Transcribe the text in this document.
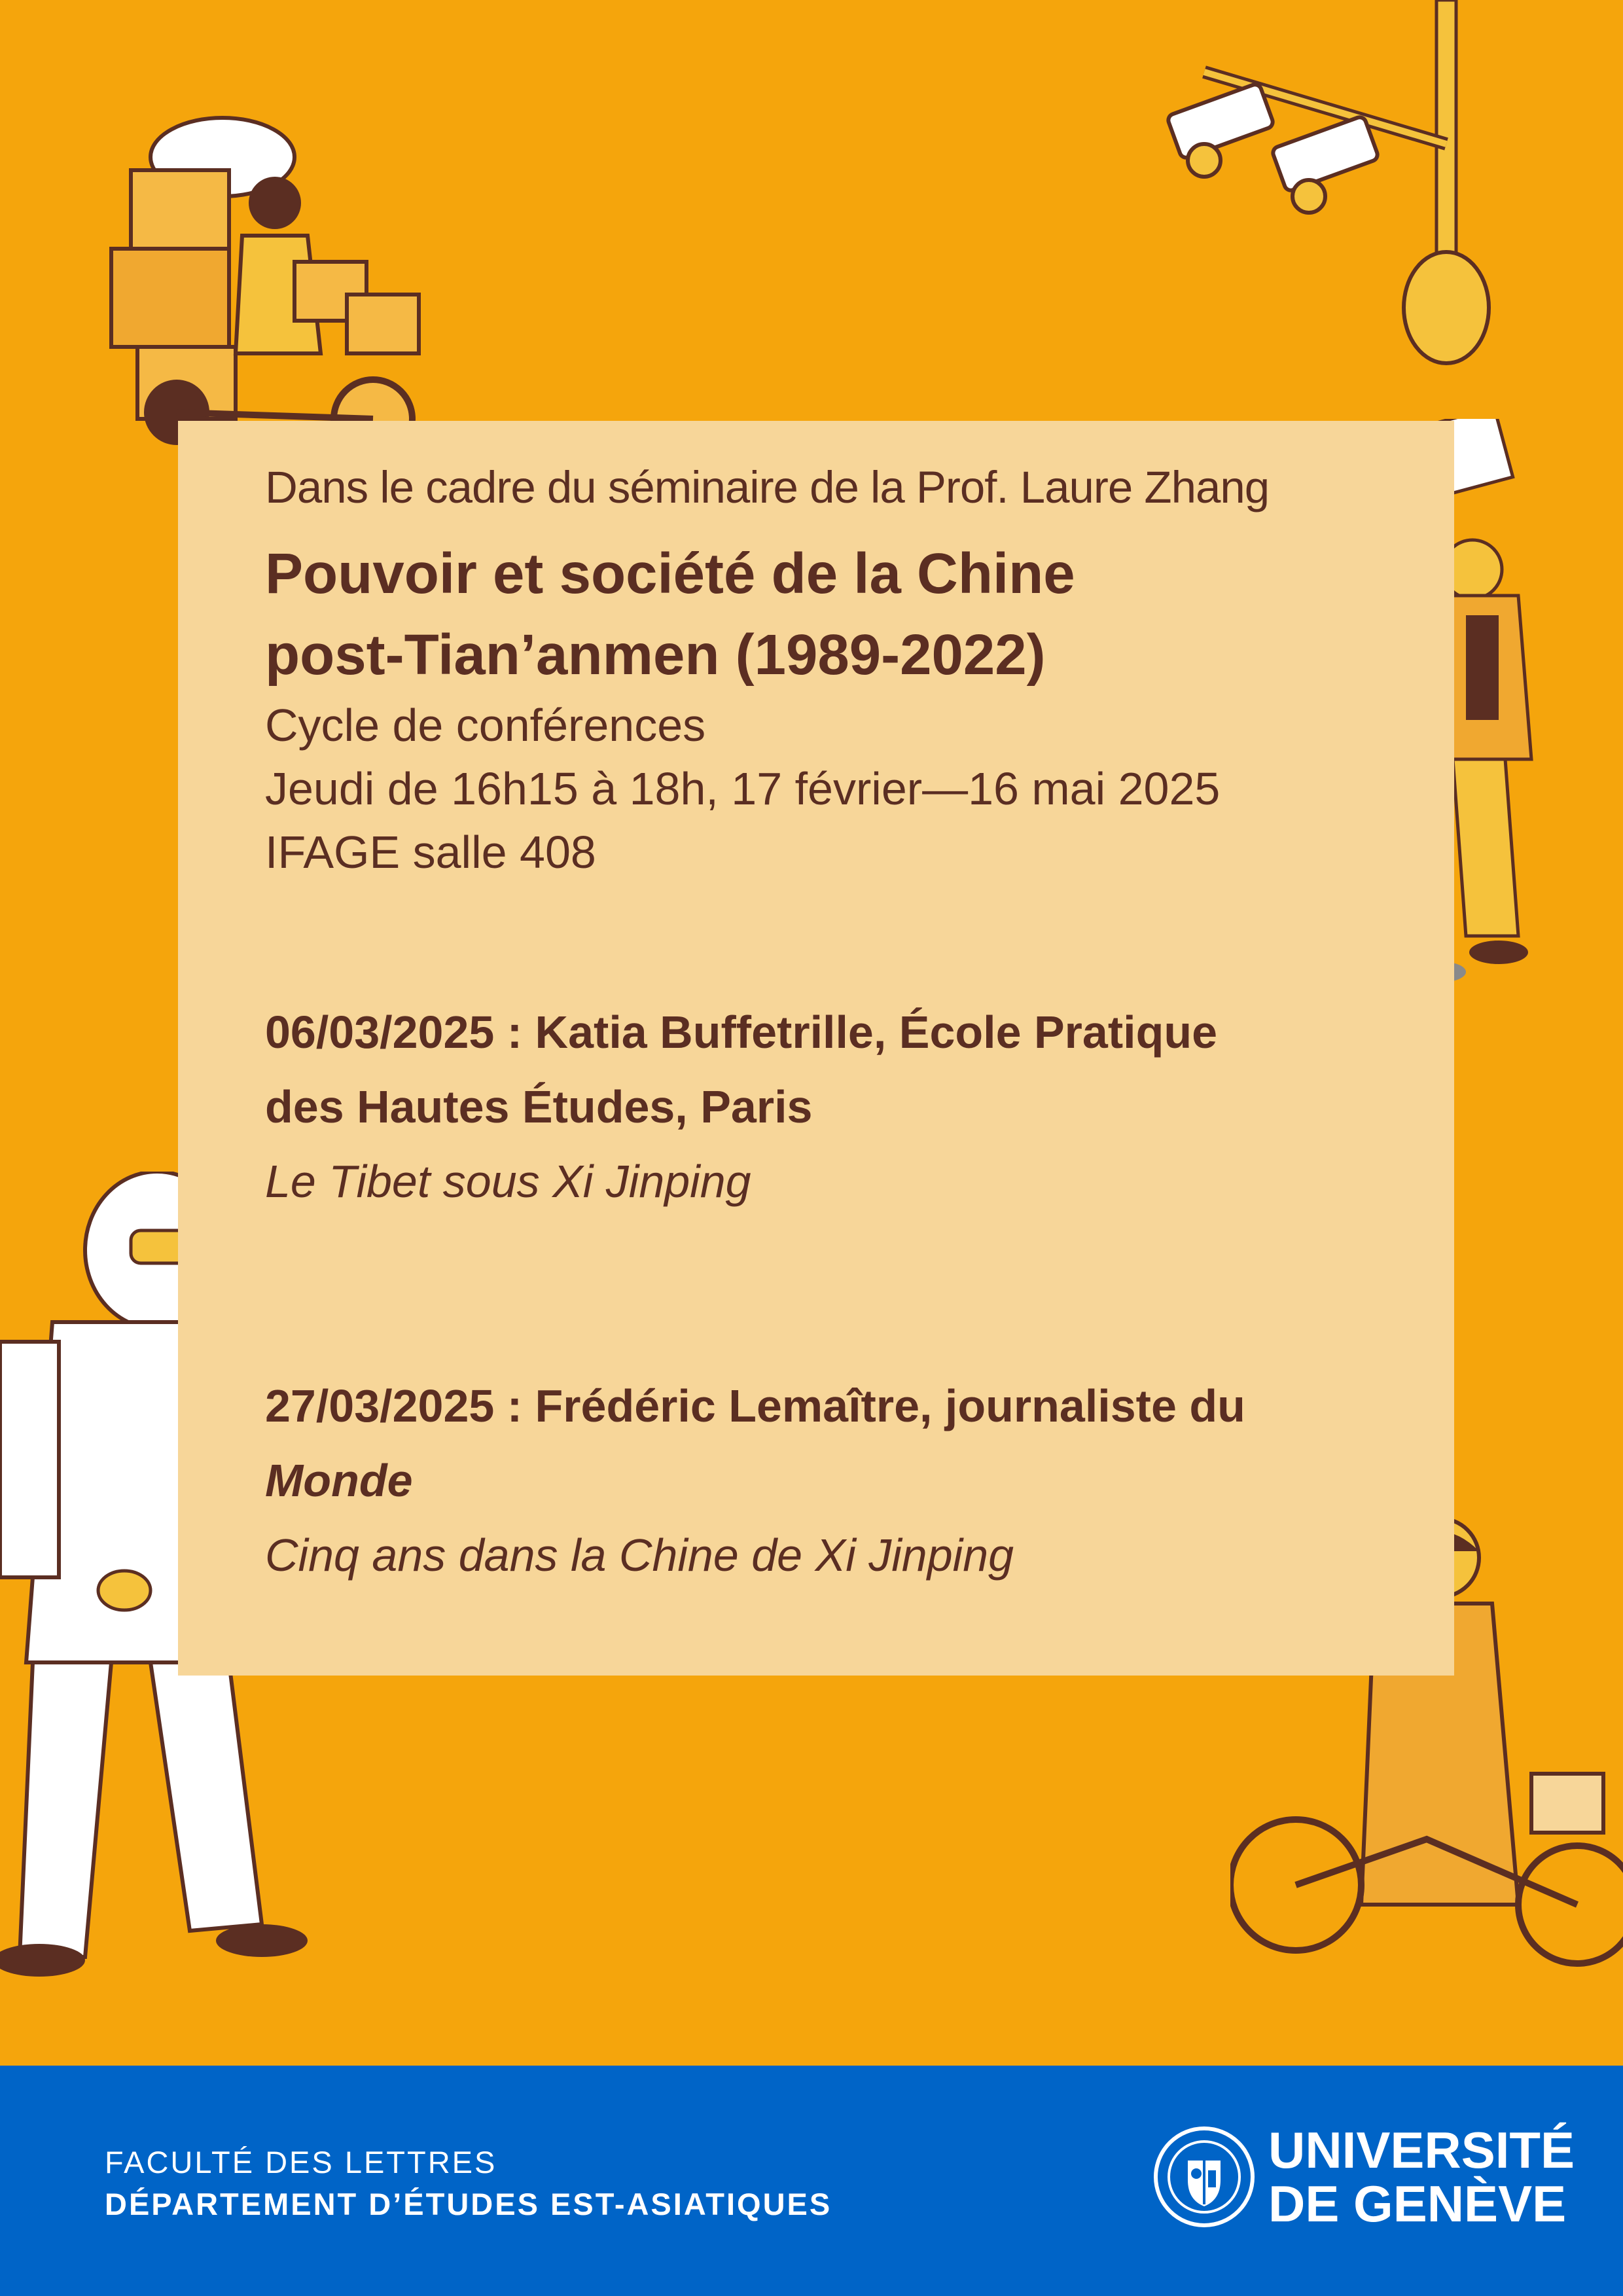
Dans le cadre du séminaire de la Prof. Laure Zhang
Pouvoir et société de la Chine
post-Tian’anmen (1989-2022)
Cycle de conférences
Jeudi de 16h15 à 18h, 17 février—16 mai 2025
IFAGE salle 408
06/03/2025 : Katia Buffetrille, École Pratique
des Hautes Études, Paris
Le Tibet sous Xi Jinping
27/03/2025 : Frédéric Lemaître, journaliste du
Monde
Cinq ans dans la Chine de Xi Jinping
FACULTÉ DES LETTRES
DÉPARTEMENT D’ÉTUDES EST-ASIATIQUES
UNIVERSITÉ
DE GENÈVE
